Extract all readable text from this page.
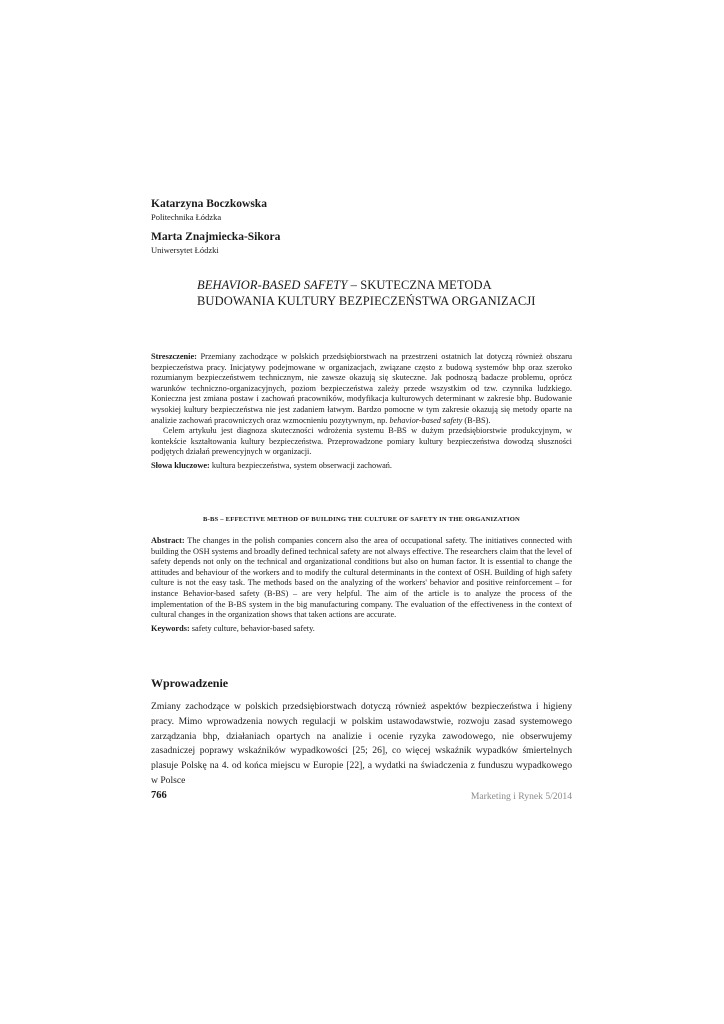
Katarzyna Boczkowska
Politechnika Łódzka
Marta Znajmiecka-Sikora
Uniwersytet Łódzki
BEHAVIOR-BASED SAFETY – SKUTECZNA METODA
BUDOWANIA KULTURY BEZPIECZEŃSTWA ORGANIZACJI

Streszczenie: Przemiany zachodzące w polskich przedsiębiorstwach na przestrzeni ostatnich lat dotyczą również obszaru bezpieczeństwa pracy. Inicjatywy podejmowane w organizacjach, związane często z budową systemów bhp oraz szeroko rozumianym bezpieczeństwem technicznym, nie zawsze okazują się skuteczne. Jak podnoszą badacze problemu, oprócz warunków techniczno-organizacyjnych, poziom bezpieczeństwa zależy przede wszystkim od tzw. czynnika ludzkiego. Konieczna jest zmiana postaw i zachowań pracowników, modyfikacja kulturowych determinant w zakresie bhp. Budowanie wysokiej kultury bezpieczeństwa nie jest zadaniem łatwym. Bardzo pomocne w tym zakresie okazują się metody oparte na analizie zachowań pracowniczych oraz wzmocnieniu pozytywnym, np. behavior-based safety (B-BS).

Celem artykułu jest diagnoza skuteczności wdrożenia systemu B-BS w dużym przedsiębiorstwie produkcyjnym, w kontekście kształtowania kultury bezpieczeństwa. Przeprowadzone pomiary kultury bezpieczeństwa dowodzą słuszności podjętych działań prewencyjnych w organizacji.

Słowa kluczowe: kultura bezpieczeństwa, system obserwacji zachowań.

B-BS – EFFECTIVE METHOD OF BUILDING THE CULTURE OF SAFETY IN THE ORGANIZATION

Abstract: The changes in the polish companies concern also the area of occupational safety. The initiatives connected with building the OSH systems and broadly defined technical safety are not always effective. The researchers claim that the level of safety depends not only on the technical and organizational conditions but also on human factor. It is essential to change the attitudes and behaviour of the workers and to modify the cultural determinants in the context of OSH. Building of high safety culture is not the easy task. The methods based on the analyzing of the workers' behavior and positive reinforcement – for instance Behavior-based safety (B-BS) – are very helpful. The aim of the article is to analyze the process of the implementation of the B-BS system in the big manufacturing company. The evaluation of the effectiveness in the context of cultural changes in the organization shows that taken actions are accurate.

Keywords: safety culture, behavior-based safety.

Wprowadzenie

Zmiany zachodzące w polskich przedsiębiorstwach dotyczą również aspektów bezpieczeństwa i higieny pracy. Mimo wprowadzenia nowych regulacji w polskim ustawodawstwie, rozwoju zasad systemowego zarządzania bhp, działaniach opartych na analizie i ocenie ryzyka zawodowego, nie obserwujemy zasadniczej poprawy wskaźników wypadkowości [25; 26], co więcej wskaźnik wypadków śmiertelnych plasuje Polskę na 4. od końca miejscu w Europie [22], a wydatki na świadczenia z funduszu wypadkowego w Polsce

766	Marketing i Rynek 5/2014
